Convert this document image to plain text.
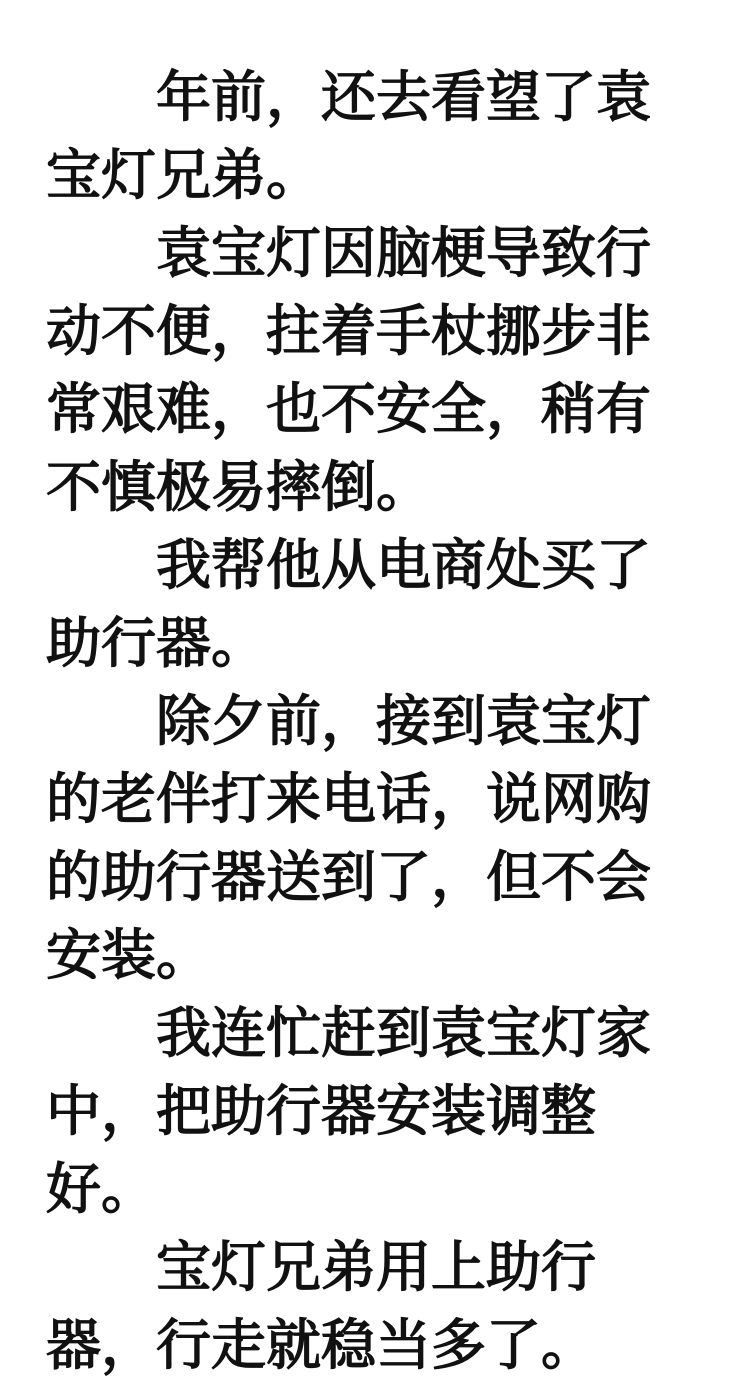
年前，还去看望了袁宝灯兄弟。

袁宝灯因脑梗导致行动不便，拄着手杖挪步非常艰难，也不安全，稍有不慎极易摔倒。

我帮他从电商处买了助行器。

除夕前，接到袁宝灯的老伴打来电话，说网购的助行器送到了，但不会安装。

我连忙赶到袁宝灯家中，把助行器安装调整好。

宝灯兄弟用上助行器，行走就稳当多了。
